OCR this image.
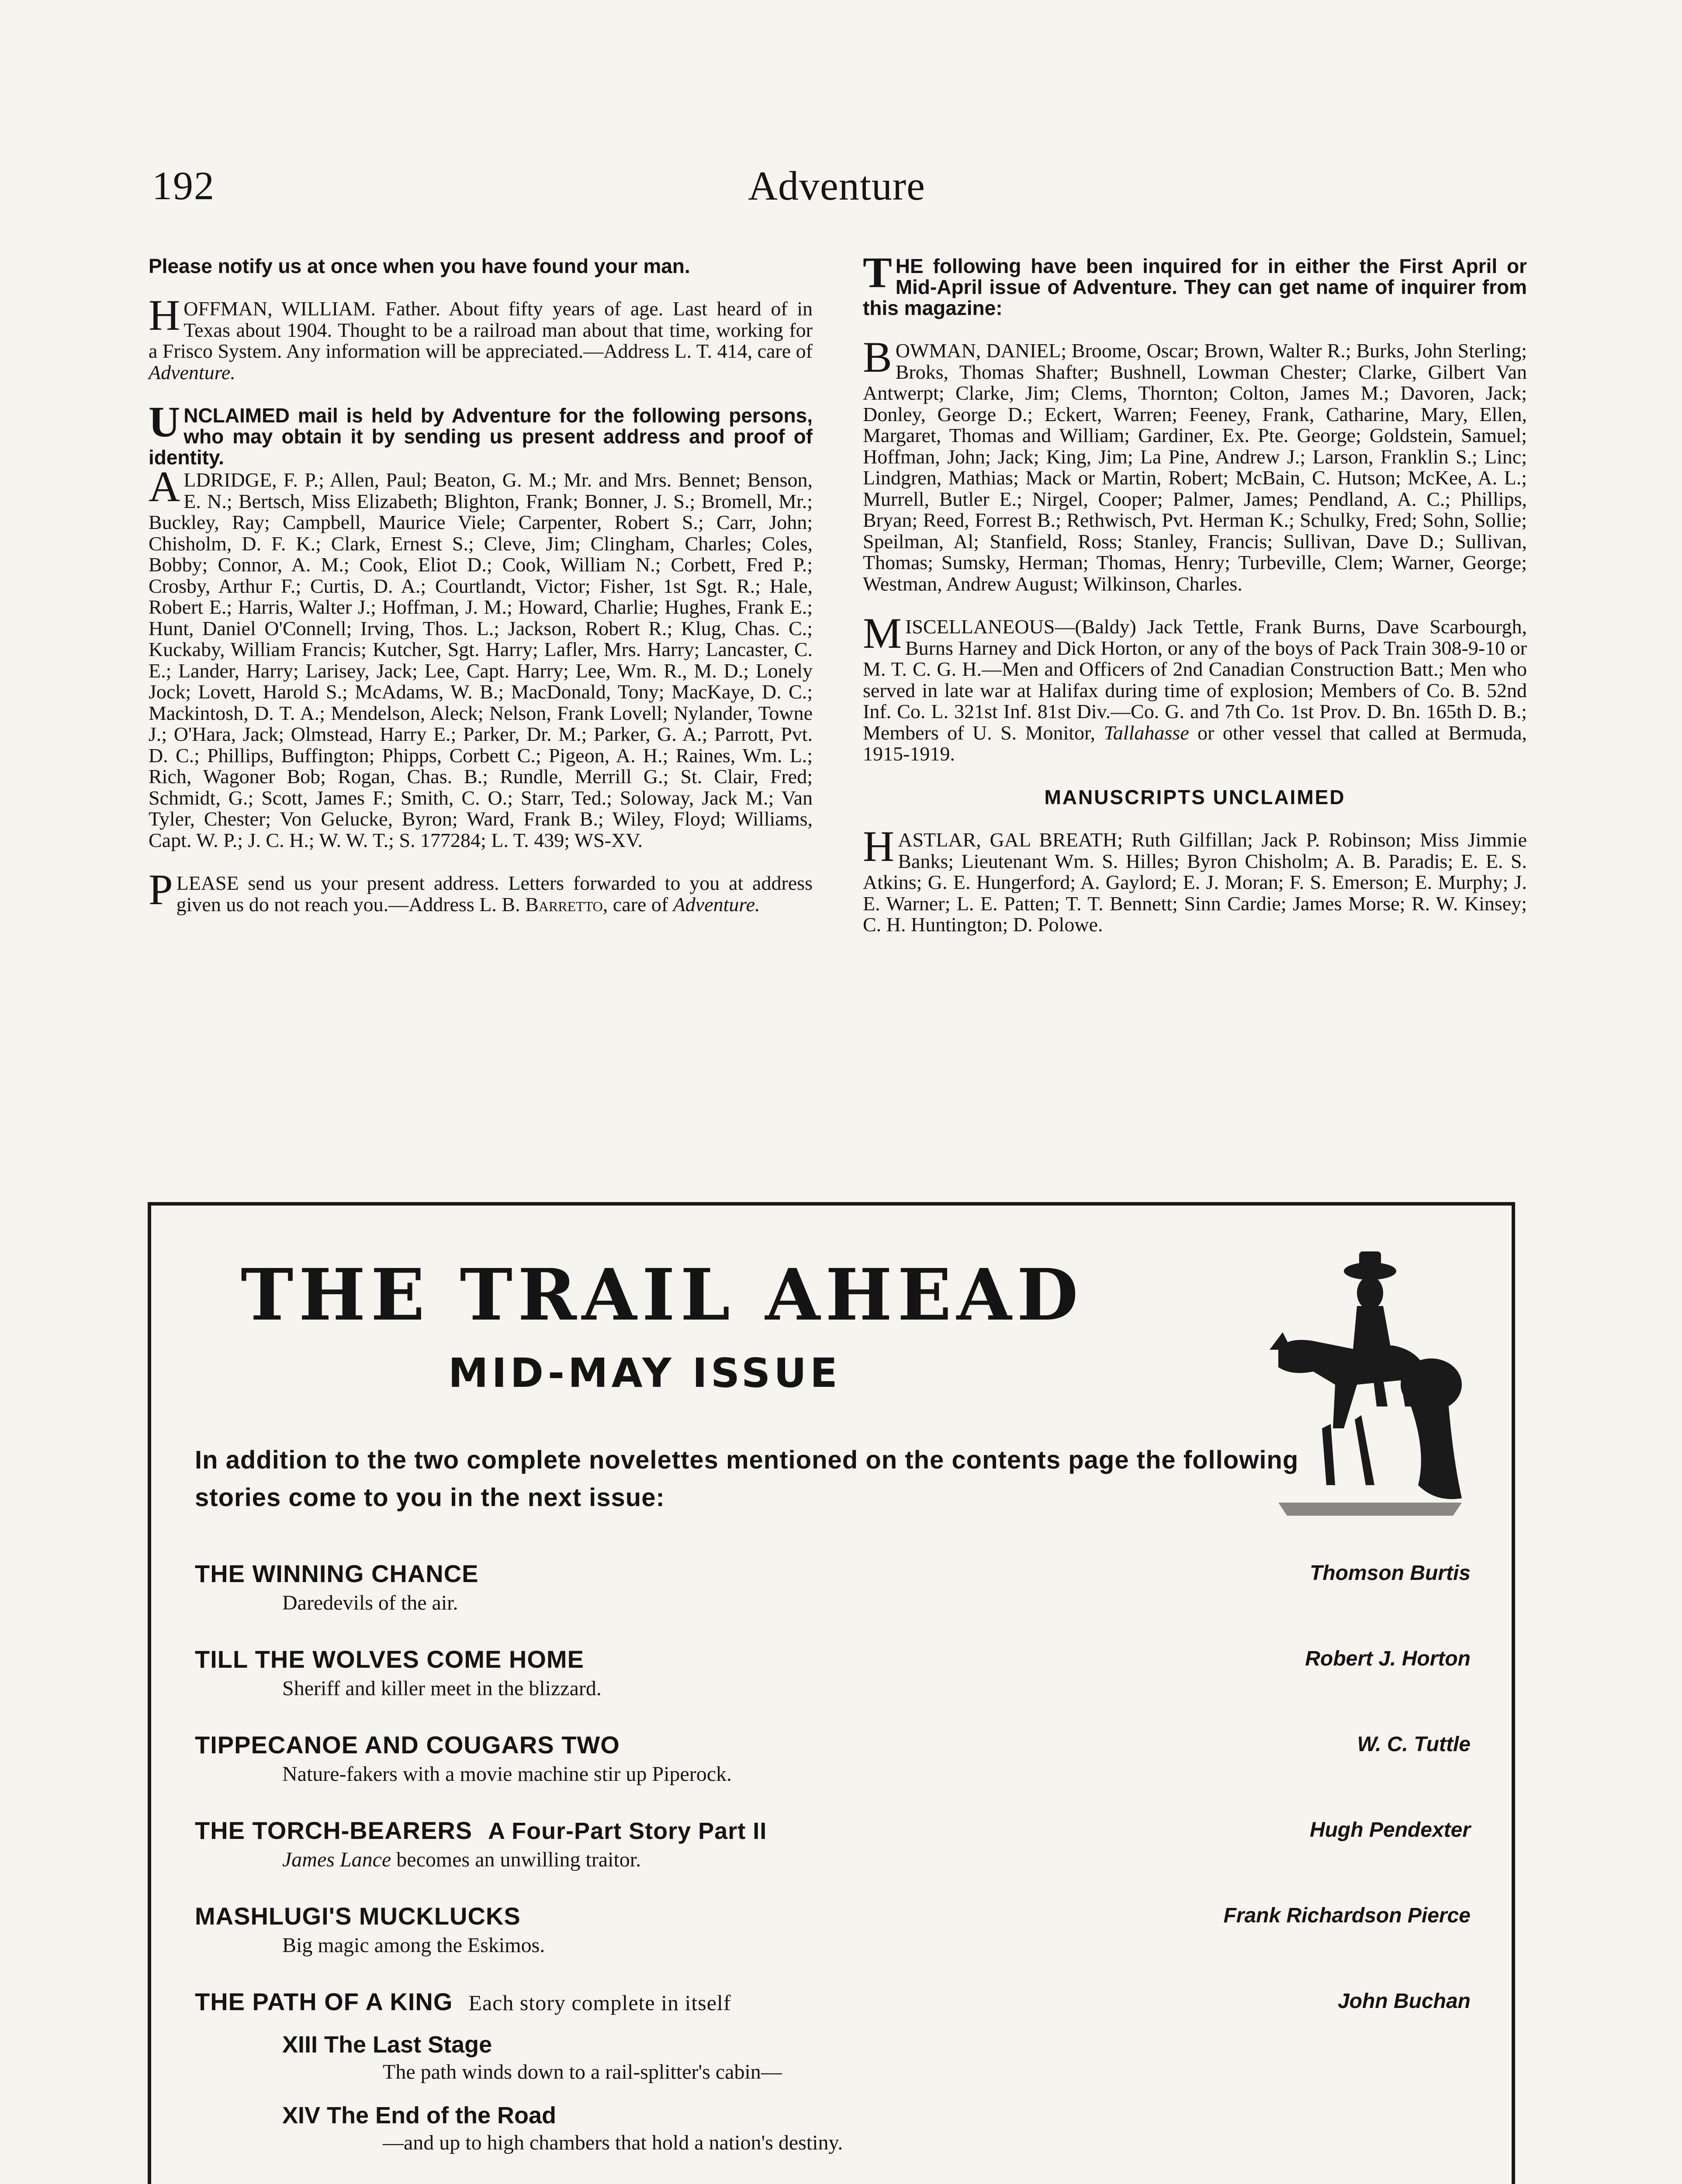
192	Adventure

Please notify us at once when you have found your man.

HOFFMAN, WILLIAM. Father. About fifty years of age. Last heard of in Texas about 1904. Thought to be a railroad man about that time, working for a Frisco System. Any information will be appreciated.—Address L. T. 414, care of Adventure.

UNCLAIMED mail is held by Adventure for the following persons, who may obtain it by sending us present address and proof of identity.

ALDRIDGE, F. P.; Allen, Paul; Beaton, G. M.; Mr. and Mrs. Bennet; Benson, E. N.; Bertsch, Miss Elizabeth; Blighton, Frank; Bonner, J. S.; Bromell, Mr.; Buckley, Ray; Campbell, Maurice Viele; Carpenter, Robert S.; Carr, John; Chisholm, D. F. K.; Clark, Ernest S.; Cleve, Jim; Clingham, Charles; Coles, Bobby; Connor, A. M.; Cook, Eliot D.; Cook, William N.; Corbett, Fred P.; Crosby, Arthur F.; Curtis, D. A.; Courtlandt, Victor; Fisher, 1st Sgt. R.; Hale, Robert E.; Harris, Walter J.; Hoffman, J. M.; Howard, Charlie; Hughes, Frank E.; Hunt, Daniel O'Connell; Irving, Thos. L.; Jackson, Robert R.; Klug, Chas. C.; Kuckaby, William Francis; Kutcher, Sgt. Harry; Lafler, Mrs. Harry; Lancaster, C. E.; Lander, Harry; Larisey, Jack; Lee, Capt. Harry; Lee, Wm. R., M. D.; Lonely Jock; Lovett, Harold S.; McAdams, W. B.; MacDonald, Tony; MacKaye, D. C.; Mackintosh, D. T. A.; Mendelson, Aleck; Nelson, Frank Lovell; Nylander, Towne J.; O'Hara, Jack; Olmstead, Harry E.; Parker, Dr. M.; Parker, G. A.; Parrott, Pvt. D. C.; Phillips, Buffington; Phipps, Corbett C.; Pigeon, A. H.; Raines, Wm. L.; Rich, Wagoner Bob; Rogan, Chas. B.; Rundle, Merrill G.; St. Clair, Fred; Schmidt, G.; Scott, James F.; Smith, C. O.; Starr, Ted.; Soloway, Jack M.; Van Tyler, Chester; Von Gelucke, Byron; Ward, Frank B.; Wiley, Floyd; Williams, Capt. W. P.; J. C. H.; W. W. T.; S. 177284; L. T. 439; WS-XV.

PLEASE send us your present address. Letters forwarded to you at address given us do not reach you.—Address L. B. Barretto, care of Adventure.

THE following have been inquired for in either the First April or Mid-April issue of Adventure. They can get name of inquirer from this magazine:

BOWMAN, DANIEL; Broome, Oscar; Brown, Walter R.; Burks, John Sterling; Broks, Thomas Shafter; Bushnell, Lowman Chester; Clarke, Gilbert Van Antwerpt; Clarke, Jim; Clems, Thornton; Colton, James M.; Davoren, Jack; Donley, George D.; Eckert, Warren; Feeney, Frank, Catharine, Mary, Ellen, Margaret, Thomas and William; Gardiner, Ex. Pte. George; Goldstein, Samuel; Hoffman, John; Jack; King, Jim; La Pine, Andrew J.; Larson, Franklin S.; Linc; Lindgren, Mathias; Mack or Martin, Robert; McBain, C. Hutson; McKee, A. L.; Murrell, Butler E.; Nirgel, Cooper; Palmer, James; Pendland, A. C.; Phillips, Bryan; Reed, Forrest B.; Rethwisch, Pvt. Herman K.; Schulky, Fred; Sohn, Sollie; Speilman, Al; Stanfield, Ross; Stanley, Francis; Sullivan, Dave D.; Sullivan, Thomas; Sumsky, Herman; Thomas, Henry; Turbeville, Clem; Warner, George; Westman, Andrew August; Wilkinson, Charles.

MISCELLANEOUS—(Baldy) Jack Tettle, Frank Burns, Dave Scarbourgh, Burns Harney and Dick Horton, or any of the boys of Pack Train 308-9-10 or M. T. C. G. H.—Men and Officers of 2nd Canadian Construction Batt.; Men who served in late war at Halifax during time of explosion; Members of Co. B. 52nd Inf. Co. L. 321st Inf. 81st Div.—Co. G. and 7th Co. 1st Prov. D. Bn. 165th D. B.; Members of U. S. Monitor, Tallahasse or other vessel that called at Bermuda, 1915-1919.

MANUSCRIPTS UNCLAIMED

HASTLAR, GAL BREATH; Ruth Gilfillan; Jack P. Robinson; Miss Jimmie Banks; Lieutenant Wm. S. Hilles; Byron Chisholm; A. B. Paradis; E. E. S. Atkins; G. E. Hungerford; A. Gaylord; E. J. Moran; F. S. Emerson; E. Murphy; J. E. Warner; L. E. Patten; T. T. Bennett; Sinn Cardie; James Morse; R. W. Kinsey; C. H. Huntington; D. Polowe.

THE TRAIL AHEAD
MID-MAY ISSUE
In addition to the two complete novelettes mentioned on the contents page the following stories come to you in the next issue:
THE WINNING CHANCE	Thomson Burtis
Daredevils of the air.
TILL THE WOLVES COME HOME	Robert J. Horton
Sheriff and killer meet in the blizzard.
TIPPECANOE AND COUGARS TWO	W. C. Tuttle
Nature-fakers with a movie machine stir up Piperock.
THE TORCH-BEARERS A Four-Part Story Part II	Hugh Pendexter
James Lance becomes an unwilling traitor.
MASHLUGI'S MUCKLUCKS	Frank Richardson Pierce
Big magic among the Eskimos.
THE PATH OF A KING Each story complete in itself	John Buchan
XIII The Last Stage
The path winds down to a rail-splitter's cabin—
XIV The End of the Road
—and up to high chambers that hold a nation's destiny.
